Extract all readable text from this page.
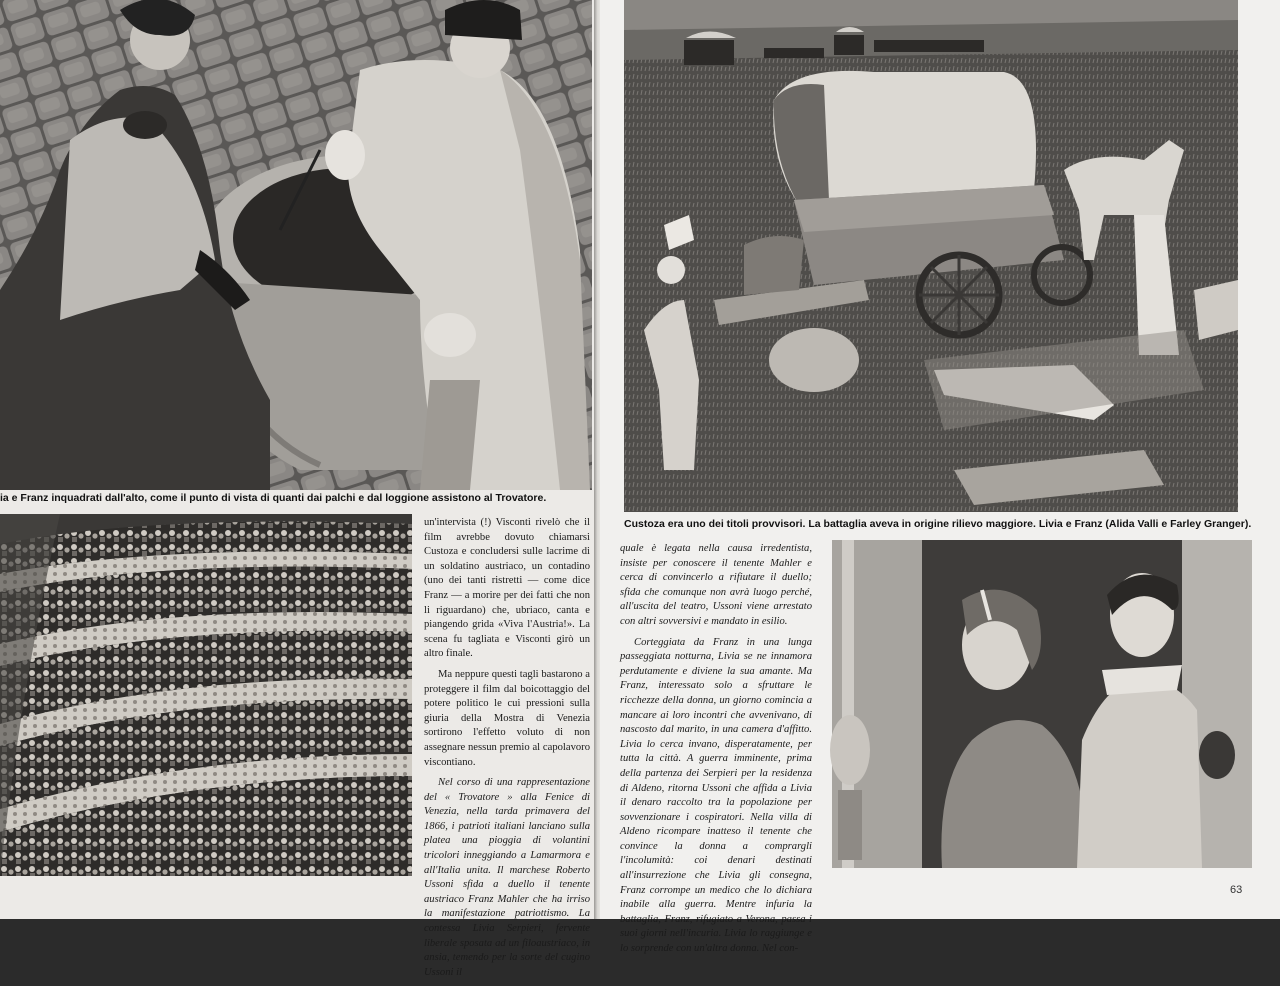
ia e Franz inquadrati dall'alto, come il punto di vista di quanti dai palchi e dal loggione assistono al Trovatore.

un'intervista (!) Visconti rivelò che il film avrebbe dovuto chiamarsi Custoza e concludersi sulle lacrime di un soldatino austriaco, un contadino (uno dei tanti ristretti — come dice Franz — a morire per dei fatti che non li riguardano) che, ubriaco, canta e piangendo grida «Viva l'Austria!». La scena fu tagliata e Visconti girò un altro finale.

Ma neppure questi tagli bastarono a proteggere il film dal boicottaggio del potere politico le cui pressioni sulla giuria della Mostra di Venezia sortirono l'effetto voluto di non assegnare nessun premio al capolavoro viscontiano.

Nel corso di una rappresentazione del « Trovatore » alla Fenice di Venezia, nella tarda primavera del 1866, i patrioti italiani lanciano sulla platea una pioggia di volantini tricolori inneggiando a Lamarmora e all'Italia unita. Il marchese Roberto Ussoni sfida a duello il tenente austriaco Franz Mahler che ha irriso la manifestazione patriottismo. La contessa Livia Serpieri, fervente liberale sposata ad un filoaustriaco, in ansia, temendo per la sorte del cugino Ussoni il

Custoza era uno dei titoli provvisori. La battaglia aveva in origine rilievo maggiore. Livia e Franz (Alida Valli e Farley Granger).

quale è legata nella causa irredentista, insiste per conoscere il tenente Mahler e cerca di convincerlo a rifiutare il duello; sfida che comunque non avrà luogo perché, all'uscita del teatro, Ussoni viene arrestato con altri sovversivi e mandato in esilio.

Corteggiata da Franz in una lunga passeggiata notturna, Livia se ne innamora perdutamente e diviene la sua amante. Ma Franz, interessato solo a sfruttare le ricchezze della donna, un giorno comincia a mancare ai loro incontri che avvenivano, di nascosto dal marito, in una camera d'affitto. Livia lo cerca invano, disperatamente, per tutta la città. A guerra imminente, prima della partenza dei Serpieri per la residenza di Aldeno, ritorna Ussoni che affida a Livia il denaro raccolto tra la popolazione per sovvenzionare i cospiratori. Nella villa di Aldeno ricompare inatteso il tenente che convince la donna a comprargli l'incolumità: coi denari destinati all'insurrezione che Livia gli consegna, Franz corrompe un medico che lo dichiara inabile alla guerra. Mentre infuria la battaglia, Franz, rifugiato a Verona, passa i suoi giorni nell'incuria. Livia lo raggiunge e lo sorprende con un'altra donna. Nel con-

63
